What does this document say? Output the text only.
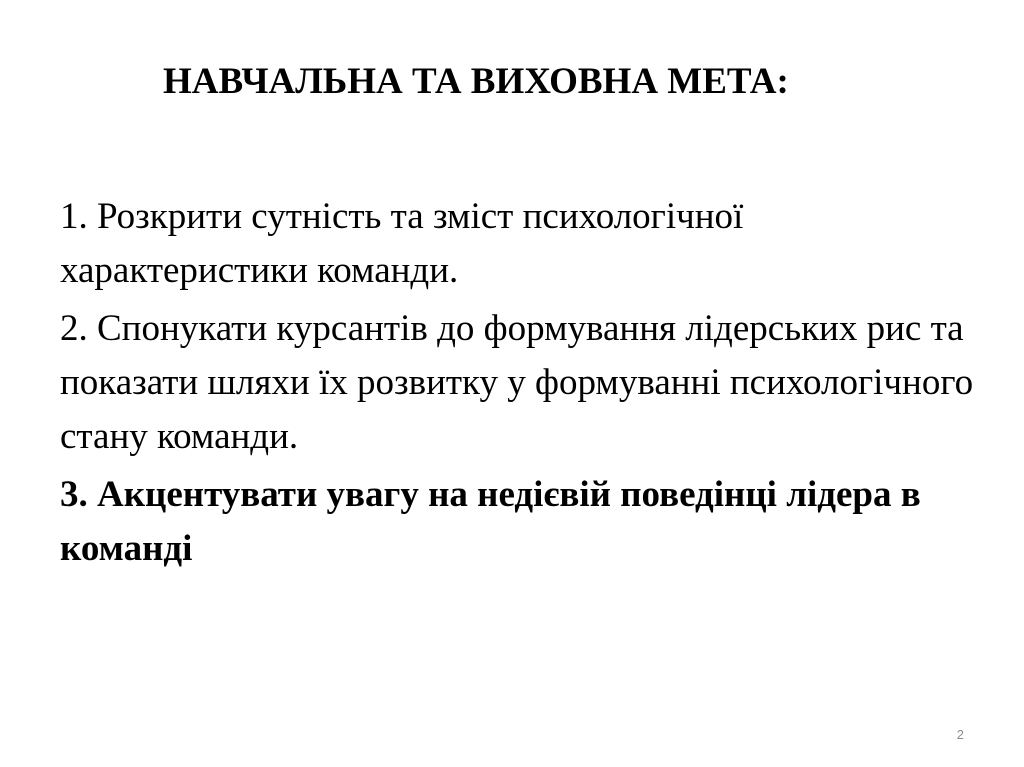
НАВЧАЛЬНА ТА ВИХОВНА МЕТА:
1. Розкрити сутність та зміст психологічної характеристики команди.
2. Спонукати курсантів до формування лідерських рис та показати шляхи їх розвитку у формуванні психологічного стану команди.
3. Акцентувати увагу на недієвій поведінці лідера в команді
2
